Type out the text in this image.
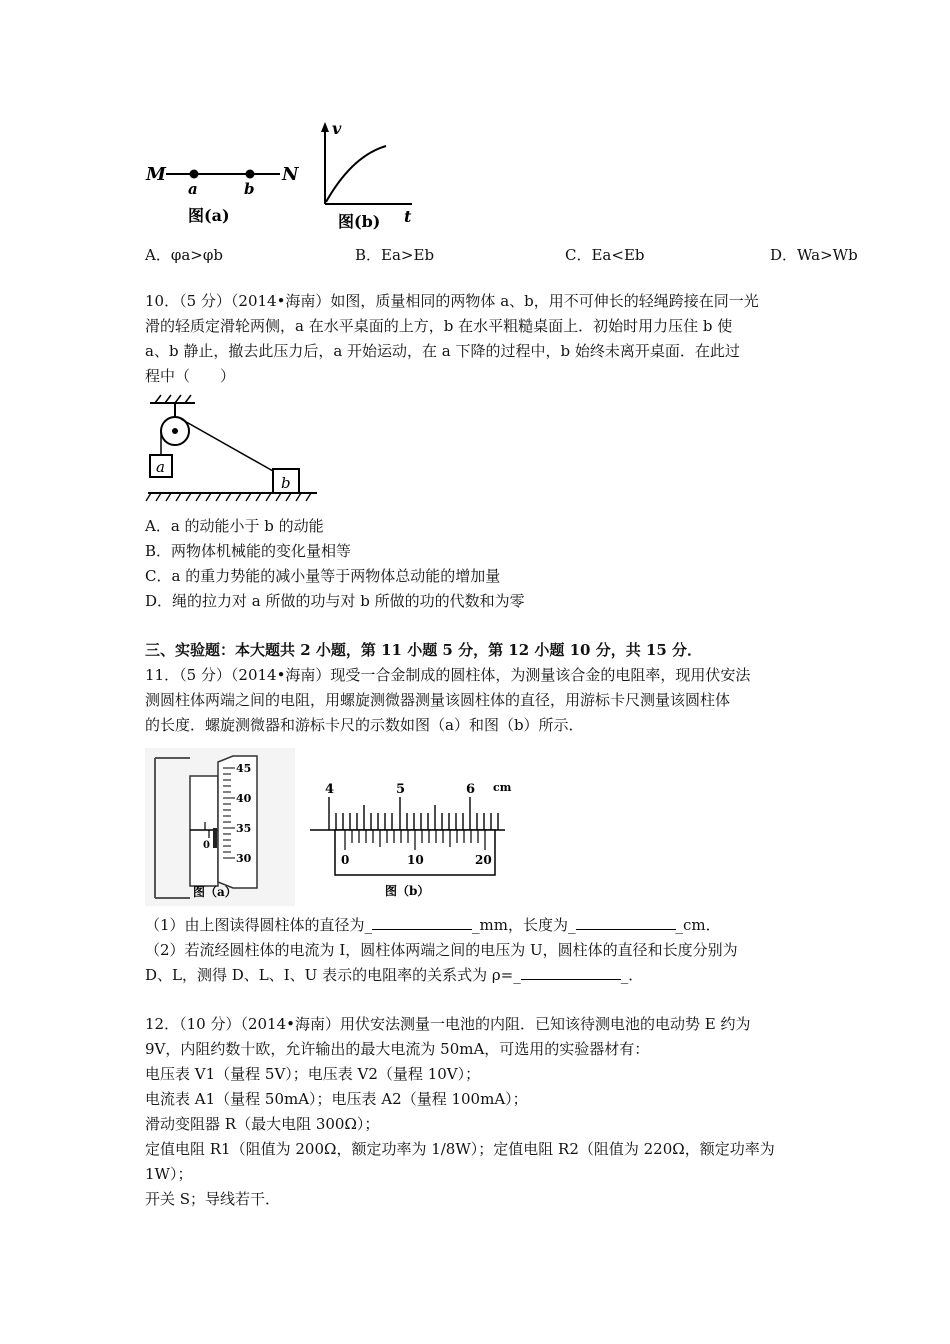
M	N
a	b
图(a)
v
t
图(b)
A．φa>φb	B．Ea>Eb	C．Ea<Eb	D．Wa>Wb
10．（5 分）（2014•海南）如图，质量相同的两物体 a、b，用不可伸长的轻绳跨接在同一光
滑的轻质定滑轮两侧，a 在水平桌面的上方，b 在水平粗糙桌面上．初始时用力压住 b 使
a、b 静止，撤去此压力后，a 开始运动，在 a 下降的过程中，b 始终未离开桌面．在此过
程中（　　）
a
b
A．a 的动能小于 b 的动能
B．两物体机械能的变化量相等
C．a 的重力势能的减小量等于两物体总动能的增加量
D．绳的拉力对 a 所做的功与对 b 所做的功的代数和为零
三、实验题：本大题共 2 小题，第 11 小题 5 分，第 12 小题 10 分，共 15 分．
11．（5 分）（2014•海南）现受一合金制成的圆柱体，为测量该合金的电阻率，现用伏安法
测圆柱体两端之间的电阻，用螺旋测微器测量该圆柱体的直径，用游标卡尺测量该圆柱体
的长度．螺旋测微器和游标卡尺的示数如图（a）和图（b）所示．
0
45
40
35
30
图（a）
4	5	6 cm
0	10	20
图（b）
（1）由上图读得圆柱体的直径为_	_mm，长度为_	_cm．
（2）若流经圆柱体的电流为 I，圆柱体两端之间的电压为 U，圆柱体的直径和长度分别为
D、L，测得 D、L、I、U 表示的电阻率的关系式为 ρ=_	_．
12．（10 分）（2014•海南）用伏安法测量一电池的内阻．已知该待测电池的电动势 E 约为
9V，内阻约数十欧，允许输出的最大电流为 50mA，可选用的实验器材有：
电压表 V1（量程 5V）；电压表 V2（量程 10V）；
电流表 A1（量程 50mA）；电压表 A2（量程 100mA）；
滑动变阻器 R（最大电阻 300Ω）；
定值电阻 R1（阻值为 200Ω，额定功率为 1/8W）；定值电阻 R2（阻值为 220Ω，额定功率为
1W）；
开关 S；导线若干．
